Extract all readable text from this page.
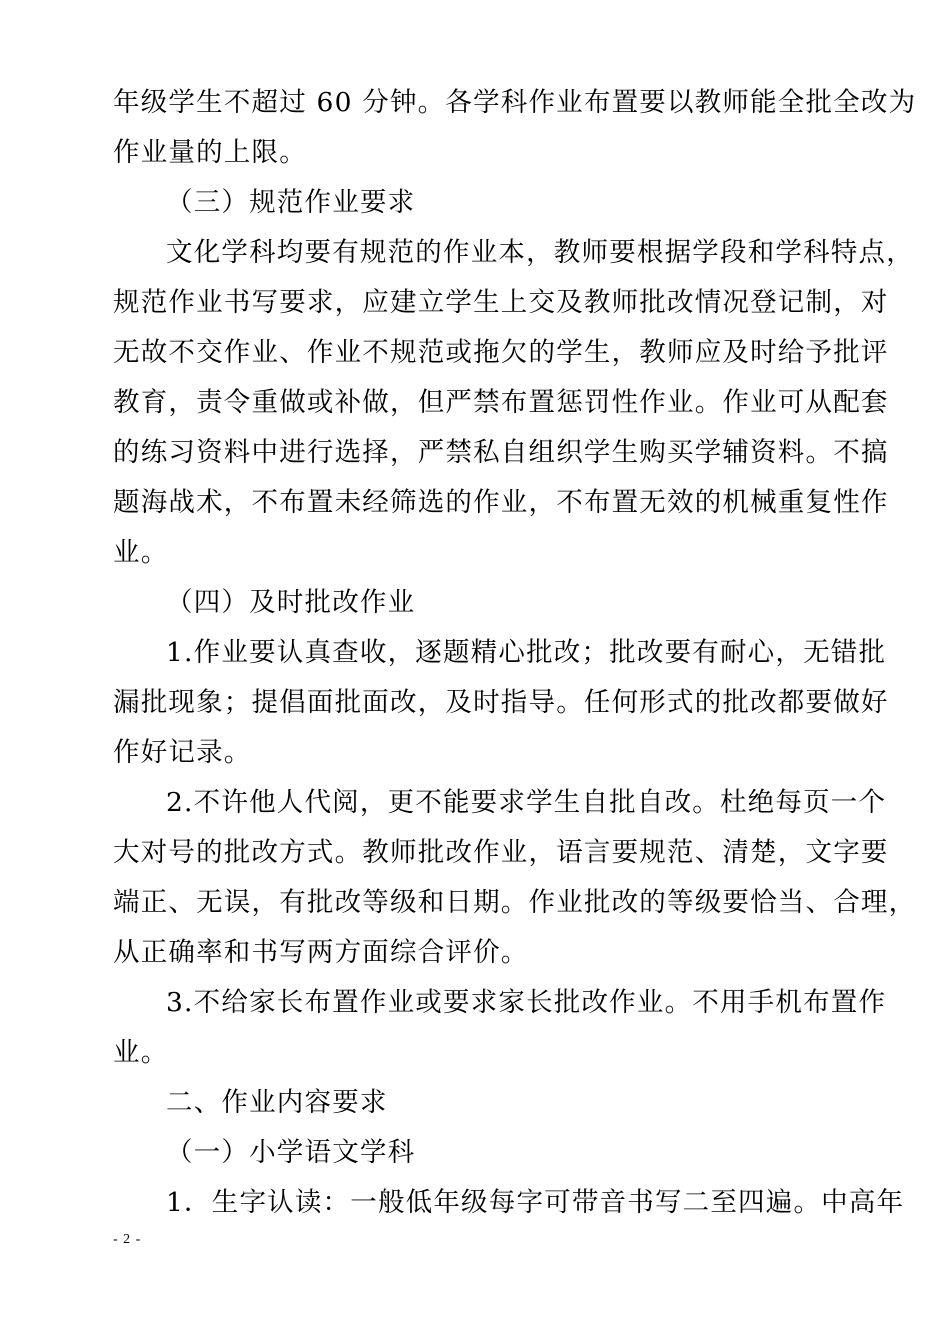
年级学生不超过 60 分钟。各学科作业布置要以教师能全批全改为
作业量的上限。
（三）规范作业要求
文化学科均要有规范的作业本，教师要根据学段和学科特点，
规范作业书写要求，应建立学生上交及教师批改情况登记制，对
无故不交作业、作业不规范或拖欠的学生，教师应及时给予批评
教育，责令重做或补做，但严禁布置惩罚性作业。作业可从配套
的练习资料中进行选择，严禁私自组织学生购买学辅资料。不搞
题海战术，不布置未经筛选的作业，不布置无效的机械重复性作
业。
（四）及时批改作业
1.作业要认真查收，逐题精心批改；批改要有耐心，无错批
漏批现象；提倡面批面改，及时指导。任何形式的批改都要做好
作好记录。
2.不许他人代阅，更不能要求学生自批自改。杜绝每页一个
大对号的批改方式。教师批改作业，语言要规范、清楚，文字要
端正、无误，有批改等级和日期。作业批改的等级要恰当、合理，
从正确率和书写两方面综合评价。
3.不给家长布置作业或要求家长批改作业。不用手机布置作
业。
二、作业内容要求
（一）小学语文学科
1．生字认读：一般低年级每字可带音书写二至四遍。中高年
- 2 -
